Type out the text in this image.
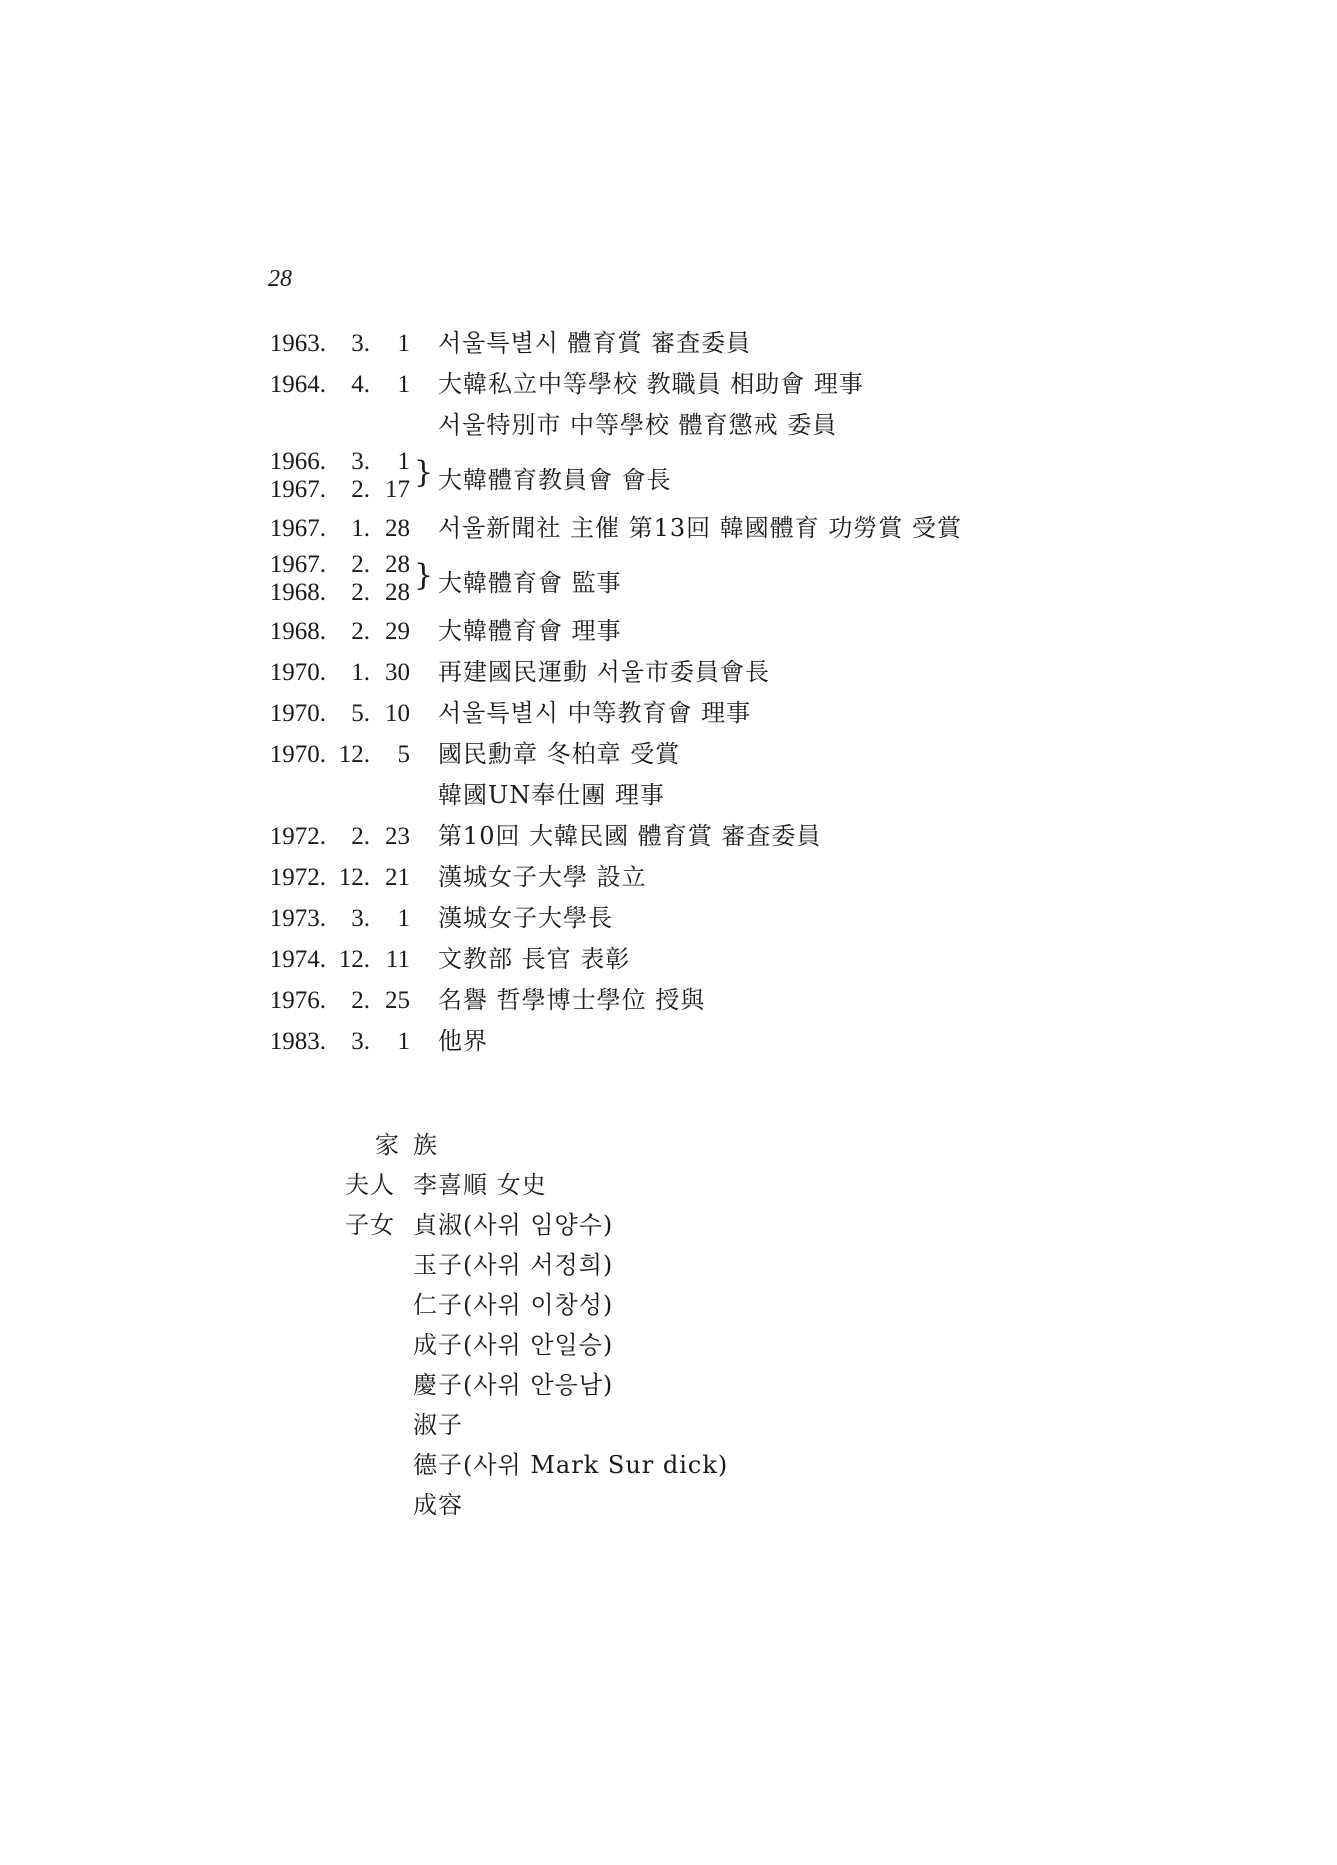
28
1963.	3.	1 서울특별시 體育賞 審査委員
1964.	4.	1 大韓私立中等學校 教職員 相助會 理事
서울特別市 中等學校 體育懲戒 委員
1966.	3.	1
1967.	2. 17 } 大韓體育教員會 會長
1967.	1. 28 서울新聞社 主催 第13回 韓國體育 功勞賞 受賞
1967.	2. 28
1968.	2. 28 } 大韓體育會 監事
1968.	2. 29 大韓體育會 理事
1970.	1. 30 再建國民運動 서울市委員會長
1970.	5. 10 서울특별시 中等教育會 理事
1970. 12.	5 國民勳章 冬柏章 受賞
韓國UN奉仕團 理事
1972.	2. 23 第10回 大韓民國 體育賞 審査委員
1972. 12. 21 漢城女子大學 設立
1973.	3.	1 漢城女子大學長
1974. 12. 11 文教部 長官 表彰
1976.	2. 25 名譽 哲學博士學位 授與
1983.	3.	1 他界
家族
夫人 李喜順 女史
子女 貞淑(사위 임양수)
玉子(사위 서정희)
仁子(사위 이창성)
成子(사위 안일승)
慶子(사위 안응남)
淑子
德子(사위 Mark Sur dick)
成容
